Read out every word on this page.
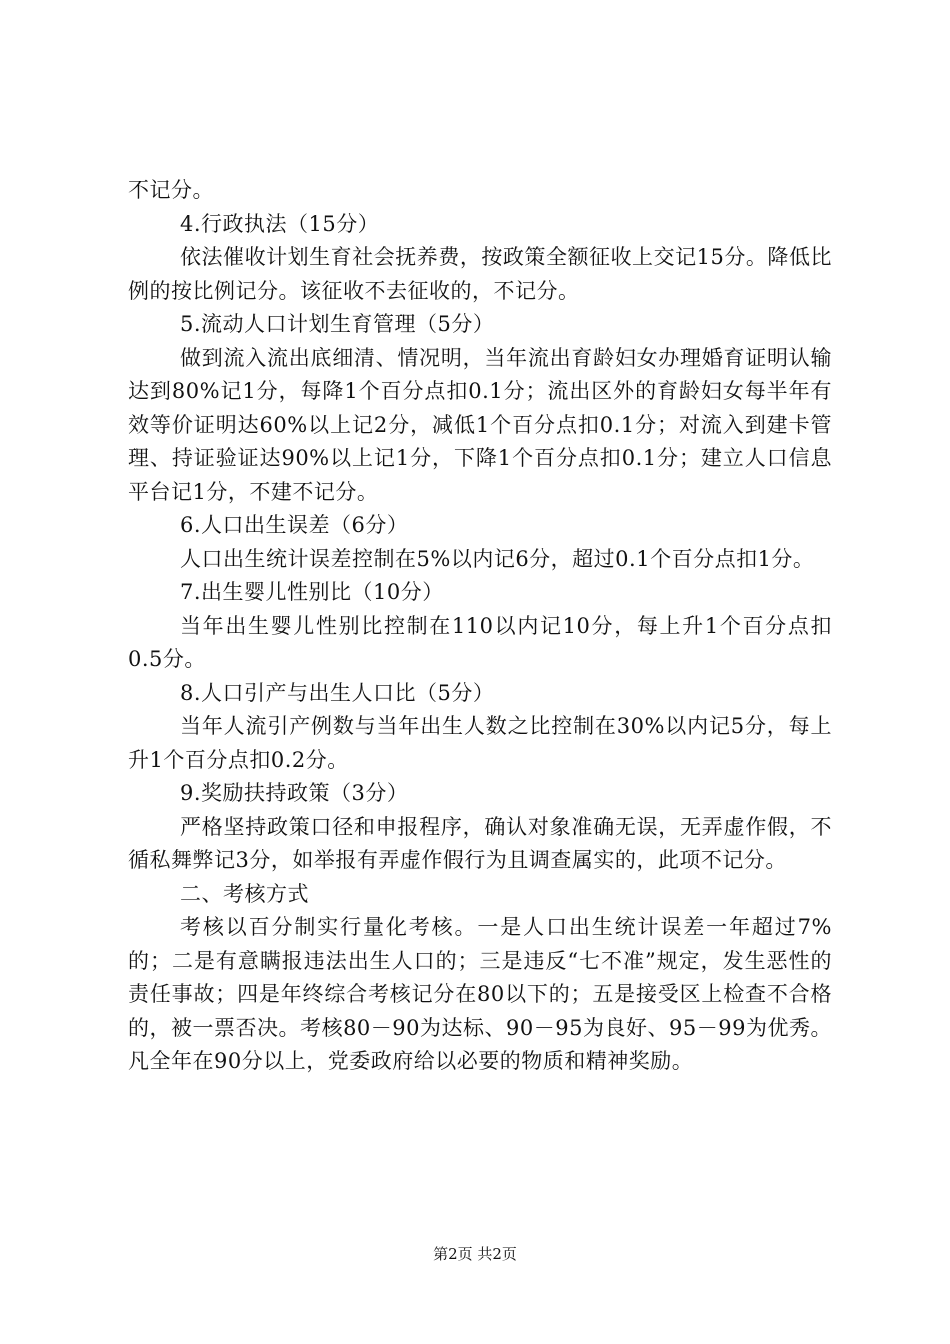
不记分。

4.行政执法（15分）

依法催收计划生育社会抚养费，按政策全额征收上交记15分。降低比例的按比例记分。该征收不去征收的，不记分。

5.流动人口计划生育管理（5分）

做到流入流出底细清、情况明，当年流出育龄妇女办理婚育证明认输达到80%记1分，每降1个百分点扣0.1分；流出区外的育龄妇女每半年有效等价证明达60%以上记2分，减低1个百分点扣0.1分；对流入到建卡管理、持证验证达90%以上记1分，下降1个百分点扣0.1分；建立人口信息平台记1分，不建不记分。

6.人口出生误差（6分）

人口出生统计误差控制在5%以内记6分，超过0.1个百分点扣1分。

7.出生婴儿性别比（10分）

当年出生婴儿性别比控制在110以内记10分，每上升1个百分点扣0.5分。

8.人口引产与出生人口比（5分）

当年人流引产例数与当年出生人数之比控制在30%以内记5分，每上升1个百分点扣0.2分。

9.奖励扶持政策（3分）

严格坚持政策口径和申报程序，确认对象准确无误，无弄虚作假，不循私舞弊记3分，如举报有弄虚作假行为且调查属实的，此项不记分。

二、考核方式

考核以百分制实行量化考核。一是人口出生统计误差一年超过7%的；二是有意瞒报违法出生人口的；三是违反“七不准”规定，发生恶性的责任事故；四是年终综合考核记分在80以下的；五是接受区上检查不合格的，被一票否决。考核80－90为达标、90－95为良好、95－99为优秀。凡全年在90分以上，党委政府给以必要的物质和精神奖励。

第2页 共2页
